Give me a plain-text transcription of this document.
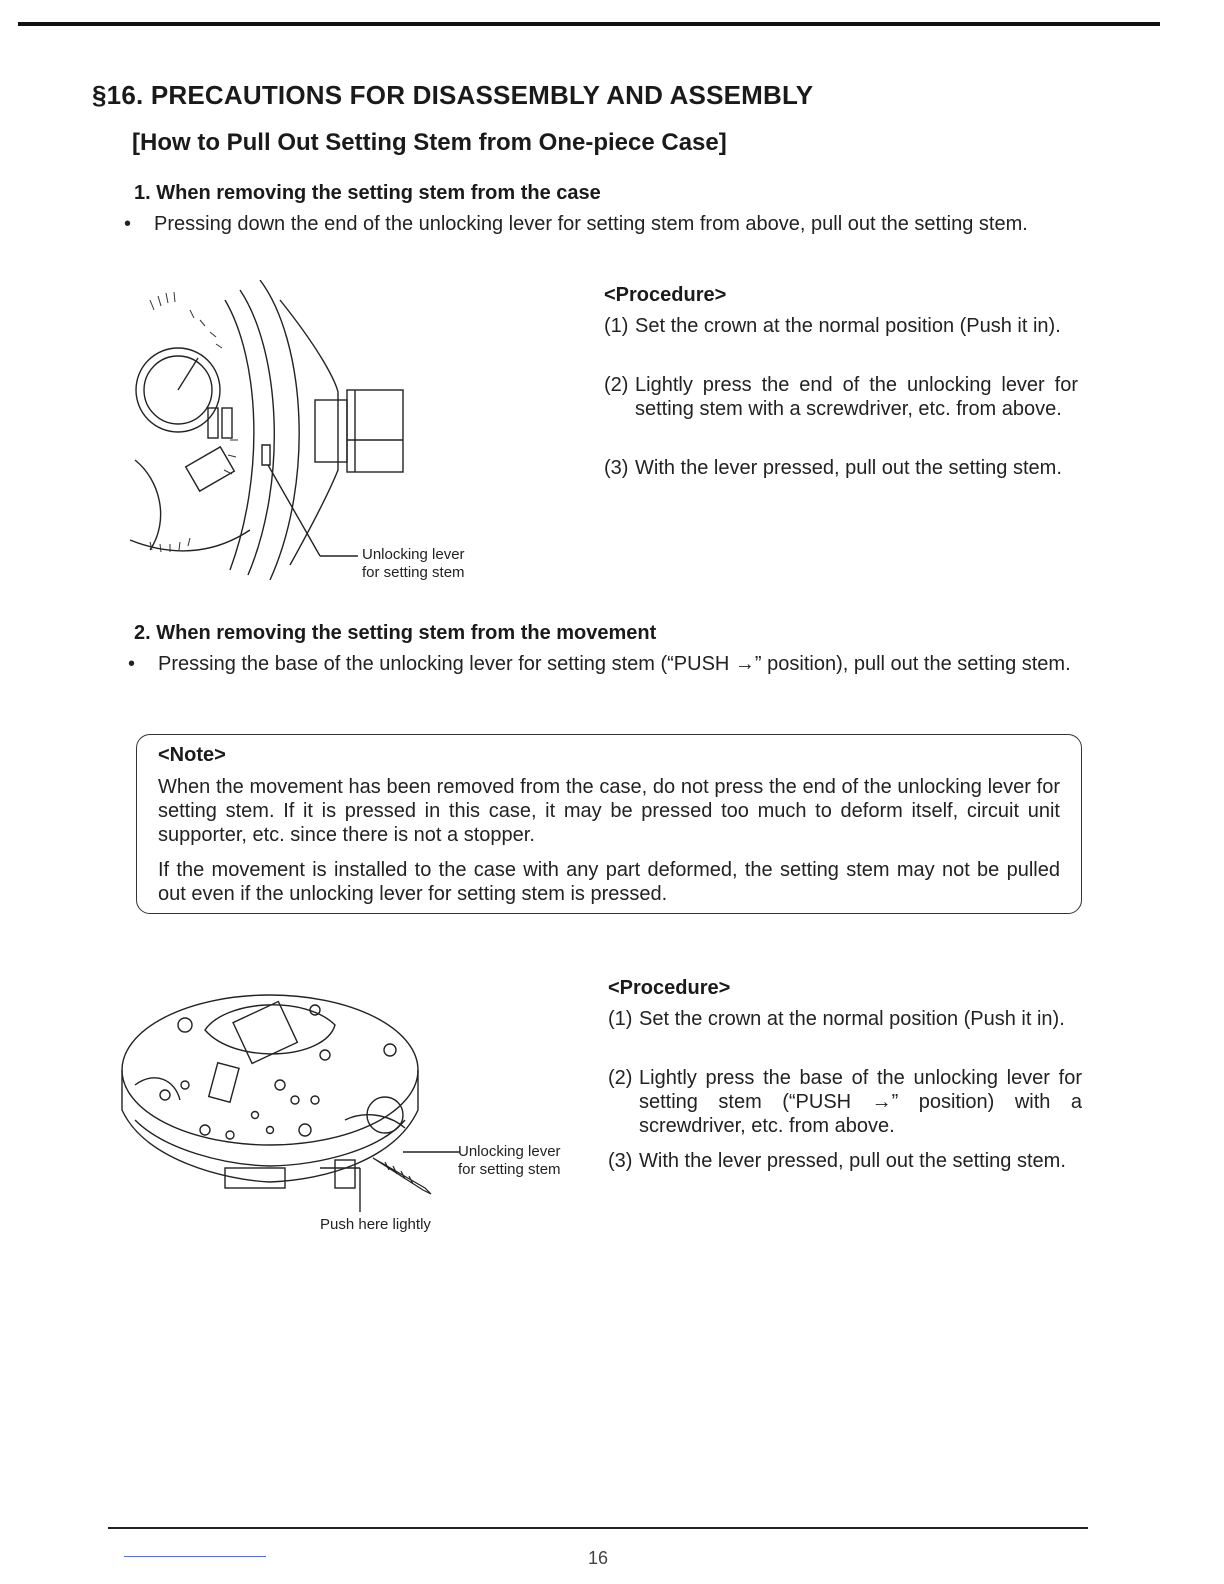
§16. PRECAUTIONS FOR DISASSEMBLY AND ASSEMBLY
[How to Pull Out Setting Stem from One-piece Case]
1. When removing the setting stem from the case
•	Pressing down the end of the unlocking lever for setting stem from above, pull out the setting stem.
Unlocking lever
for setting stem
<Procedure>
(1) Set the crown at the normal position (Push it in).
(2) Lightly press the end of the unlocking lever for setting stem with a screwdriver, etc. from above.
(3) With the lever pressed, pull out the setting stem.
2. When removing the setting stem from the movement
•	Pressing the base of the unlocking lever for setting stem (“PUSH →” position), pull out the setting stem.
<Note>
When the movement has been removed from the case, do not press the end of the unlocking lever for setting stem. If it is pressed in this case, it may be pressed too much to deform itself, circuit unit supporter, etc. since there is not a stopper.
If the movement is installed to the case with any part deformed, the setting stem may not be pulled out even if the unlocking lever for setting stem is pressed.
Unlocking lever
for setting stem
Push here lightly
<Procedure>
(1) Set the crown at the normal position (Push it in).
(2) Lightly press the base of the unlocking lever for setting stem (“PUSH →” position) with a screwdriver, etc. from above.
(3) With the lever pressed, pull out the setting stem.
16
